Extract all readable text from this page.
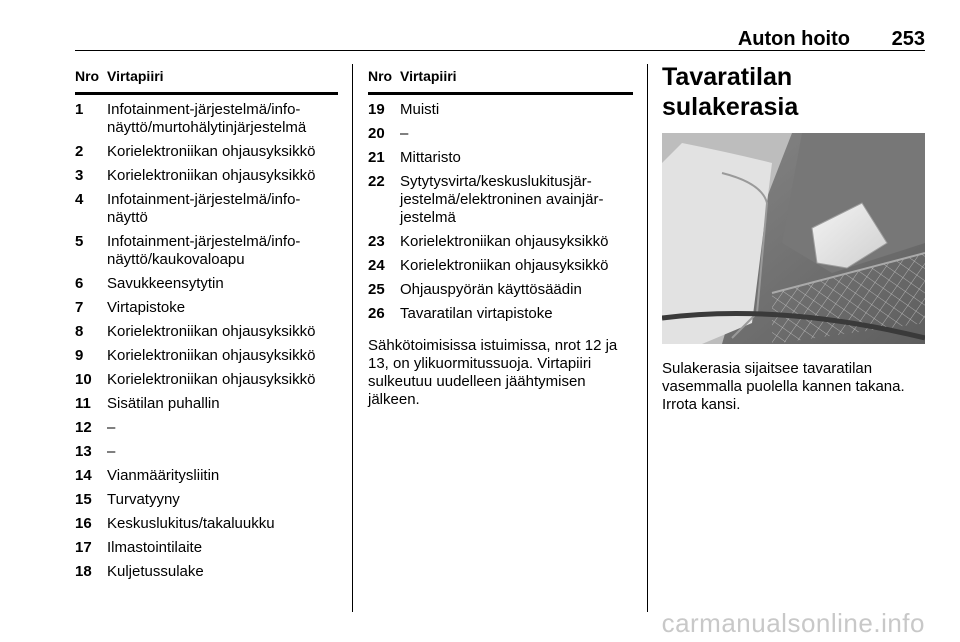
Auton hoito 253
Nro Virtapiiri
1 Infotainment-järjestelmä/info-näyttö/murtohälytinjärjestelmä
2 Korielektroniikan ohjausyksikkö
3 Korielektroniikan ohjausyksikkö
4 Infotainment-järjestelmä/info-näyttö
5 Infotainment-järjestelmä/info-näyttö/kaukovaloapu
6 Savukkeensytytin
7 Virtapistoke
8 Korielektroniikan ohjausyksikkö
9 Korielektroniikan ohjausyksikkö
10 Korielektroniikan ohjausyksikkö
11 Sisätilan puhallin
12 –
13 –
14 Vianmääritysliitin
15 Turvatyyny
16 Keskuslukitus/takaluukku
17 Ilmastointilaite
18 Kuljetussulake
Nro Virtapiiri
19 Muisti
20 –
21 Mittaristo
22 Sytytysvirta/keskuslukitusjär-jestelmä/elektroninen avainjär-jestelmä
23 Korielektroniikan ohjausyksikkö
24 Korielektroniikan ohjausyksikkö
25 Ohjauspyörän käyttösäädin
26 Tavaratilan virtapistoke
Sähkötoimisissa istuimissa, nrot 12 ja 13, on ylikuormitussuoja. Virtapiiri sulkeutuu uudelleen jäähtymisen jälkeen.
Tavaratilan sulakerasia
Sulakerasia sijaitsee tavaratilan vasemmalla puolella kannen takana. Irrota kansi.
carmanualsonline.info
